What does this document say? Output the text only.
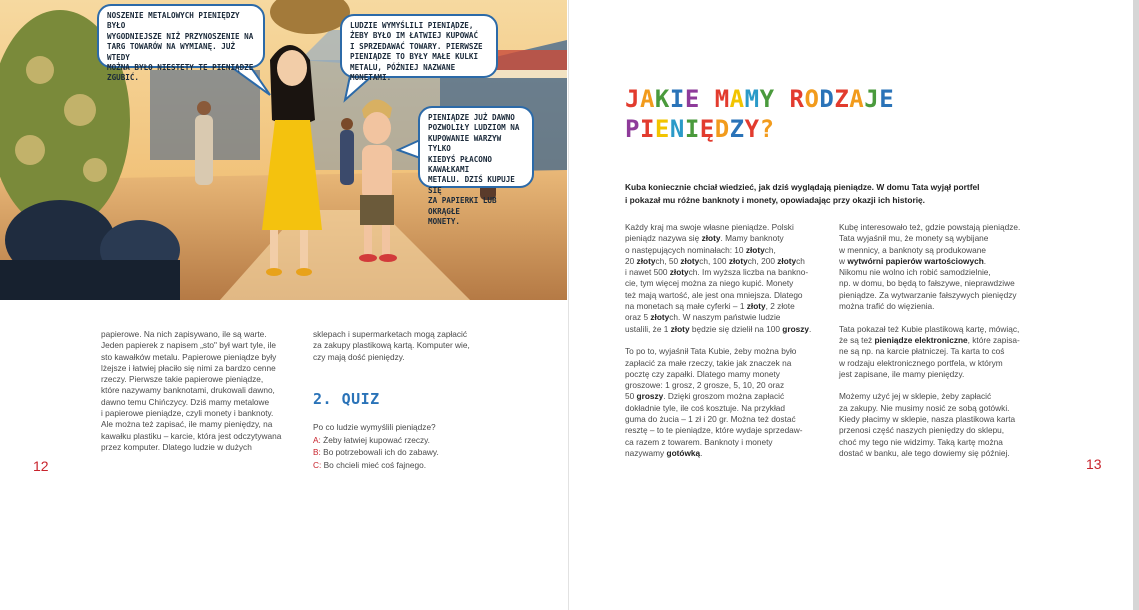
NOSZENIE METALOWYCH PIENIĘDZY BYŁO
WYGODNIEJSZE NIŻ PRZYNOSZENIE NA
TARG TOWARÓW NA WYMIANĘ. JUŻ WTEDY
MOŻNA BYŁO NIESTETY TE PIENIĄDZE
ZGUBIĆ.
LUDZIE WYMYŚLILI PIENIĄDZE,
ŻEBY BYŁO IM ŁATWIEJ KUPOWAĆ
I SPRZEDAWAĆ TOWARY. PIERWSZE
PIENIĄDZE TO BYŁY MAŁE KULKI
METALU, PÓŹNIEJ NAZWANE MONETAMI.
PIENIĄDZE JUŻ DAWNO
POZWOLIŁY LUDZIOM NA
KUPOWANIE WARZYW TYLKO
KIEDYŚ PŁACONO KAWAŁKAMI
METALU. DZIŚ KUPUJE SIĘ
ZA PAPIERKI LUB OKRĄGŁE
MONETY.
12

papierowe. Na nich zapisywano, ile są warte.

Jeden papierek z napisem „sto" był wart tyle, ile

sto kawałków metalu. Papierowe pieniądze były

lżejsze i łatwiej płaciło się nimi za bardzo cenne

rzeczy. Pierwsze takie papierowe pieniądze,

które nazywamy banknotami, drukowali dawno,

dawno temu Chińczycy. Dziś mamy metalowe

i papierowe pieniądze, czyli monety i banknoty.

Ale można też zapisać, ile mamy pieniędzy, na

kawałku plastiku – karcie, która jest odczytywana

przez komputer. Dlatego ludzie w dużych

sklepach i supermarketach mogą zapłacić

za zakupy plastikową kartą. Komputer wie,

czy mają dość pieniędzy.

2. QUIZ
Po co ludzie wymyślili pieniądze?
A: Żeby łatwiej kupować rzeczy.
B: Bo potrzebowali ich do zabawy.
C: Bo chcieli mieć coś fajnego.
JAKIE MAMY RODZAJE
PIENIĘDZY?
Kuba koniecznie chciał wiedzieć, jak dziś wyglądają pieniądze. W domu Tata wyjął portfel
i pokazał mu różne banknoty i monety, opowiadając przy okazji ich historię.

Każdy kraj ma swoje własne pieniądze. Polski

pieniądz nazywa się złoty. Mamy banknoty

o następujących nominałach: 10 złotych,

20 złotych, 50 złotych, 100 złotych, 200 złotych

i nawet 500 złotych. Im wyższa liczba na bankno-

cie, tym więcej można za niego kupić. Monety

też mają wartość, ale jest ona mniejsza. Dlatego

na monetach są małe cyferki – 1 złoty, 2 złote

oraz 5 złotych. W naszym państwie ludzie

ustalili, że 1 złoty będzie się dzielił na 100 groszy.

To po to, wyjaśnił Tata Kubie, żeby można było

zapłacić za małe rzeczy, takie jak znaczek na

pocztę czy zapałki. Dlatego mamy monety

groszowe: 1 grosz, 2 grosze, 5, 10, 20 oraz

50 groszy. Dzięki groszom można zapłacić

dokładnie tyle, ile coś kosztuje. Na przykład

guma do żucia – 1 zł i 20 gr. Można też dostać

resztę – to te pieniądze, które wydaje sprzedaw-

ca razem z towarem. Banknoty i monety

nazywamy gotówką.

Kubę interesowało też, gdzie powstają pieniądze.

Tata wyjaśnił mu, że monety są wybijane

w mennicy, a banknoty są produkowane

w wytwórni papierów wartościowych.

Nikomu nie wolno ich robić samodzielnie,

np. w domu, bo będą to fałszywe, nieprawdziwe

pieniądze. Za wytwarzanie fałszywych pieniędzy

można trafić do więzienia.

Tata pokazał też Kubie plastikową kartę, mówiąc,

że są też pieniądze elektroniczne, które zapisa-

ne są np. na karcie płatniczej. Ta karta to coś

w rodzaju elektronicznego portfela, w którym

jest zapisane, ile mamy pieniędzy.

Możemy użyć jej w sklepie, żeby zapłacić

za zakupy. Nie musimy nosić ze sobą gotówki.

Kiedy płacimy w sklepie, nasza plastikowa karta

przenosi część naszych pieniędzy do sklepu,

choć my tego nie widzimy. Taką kartę można

dostać w banku, ale tego dowiemy się później.

13
